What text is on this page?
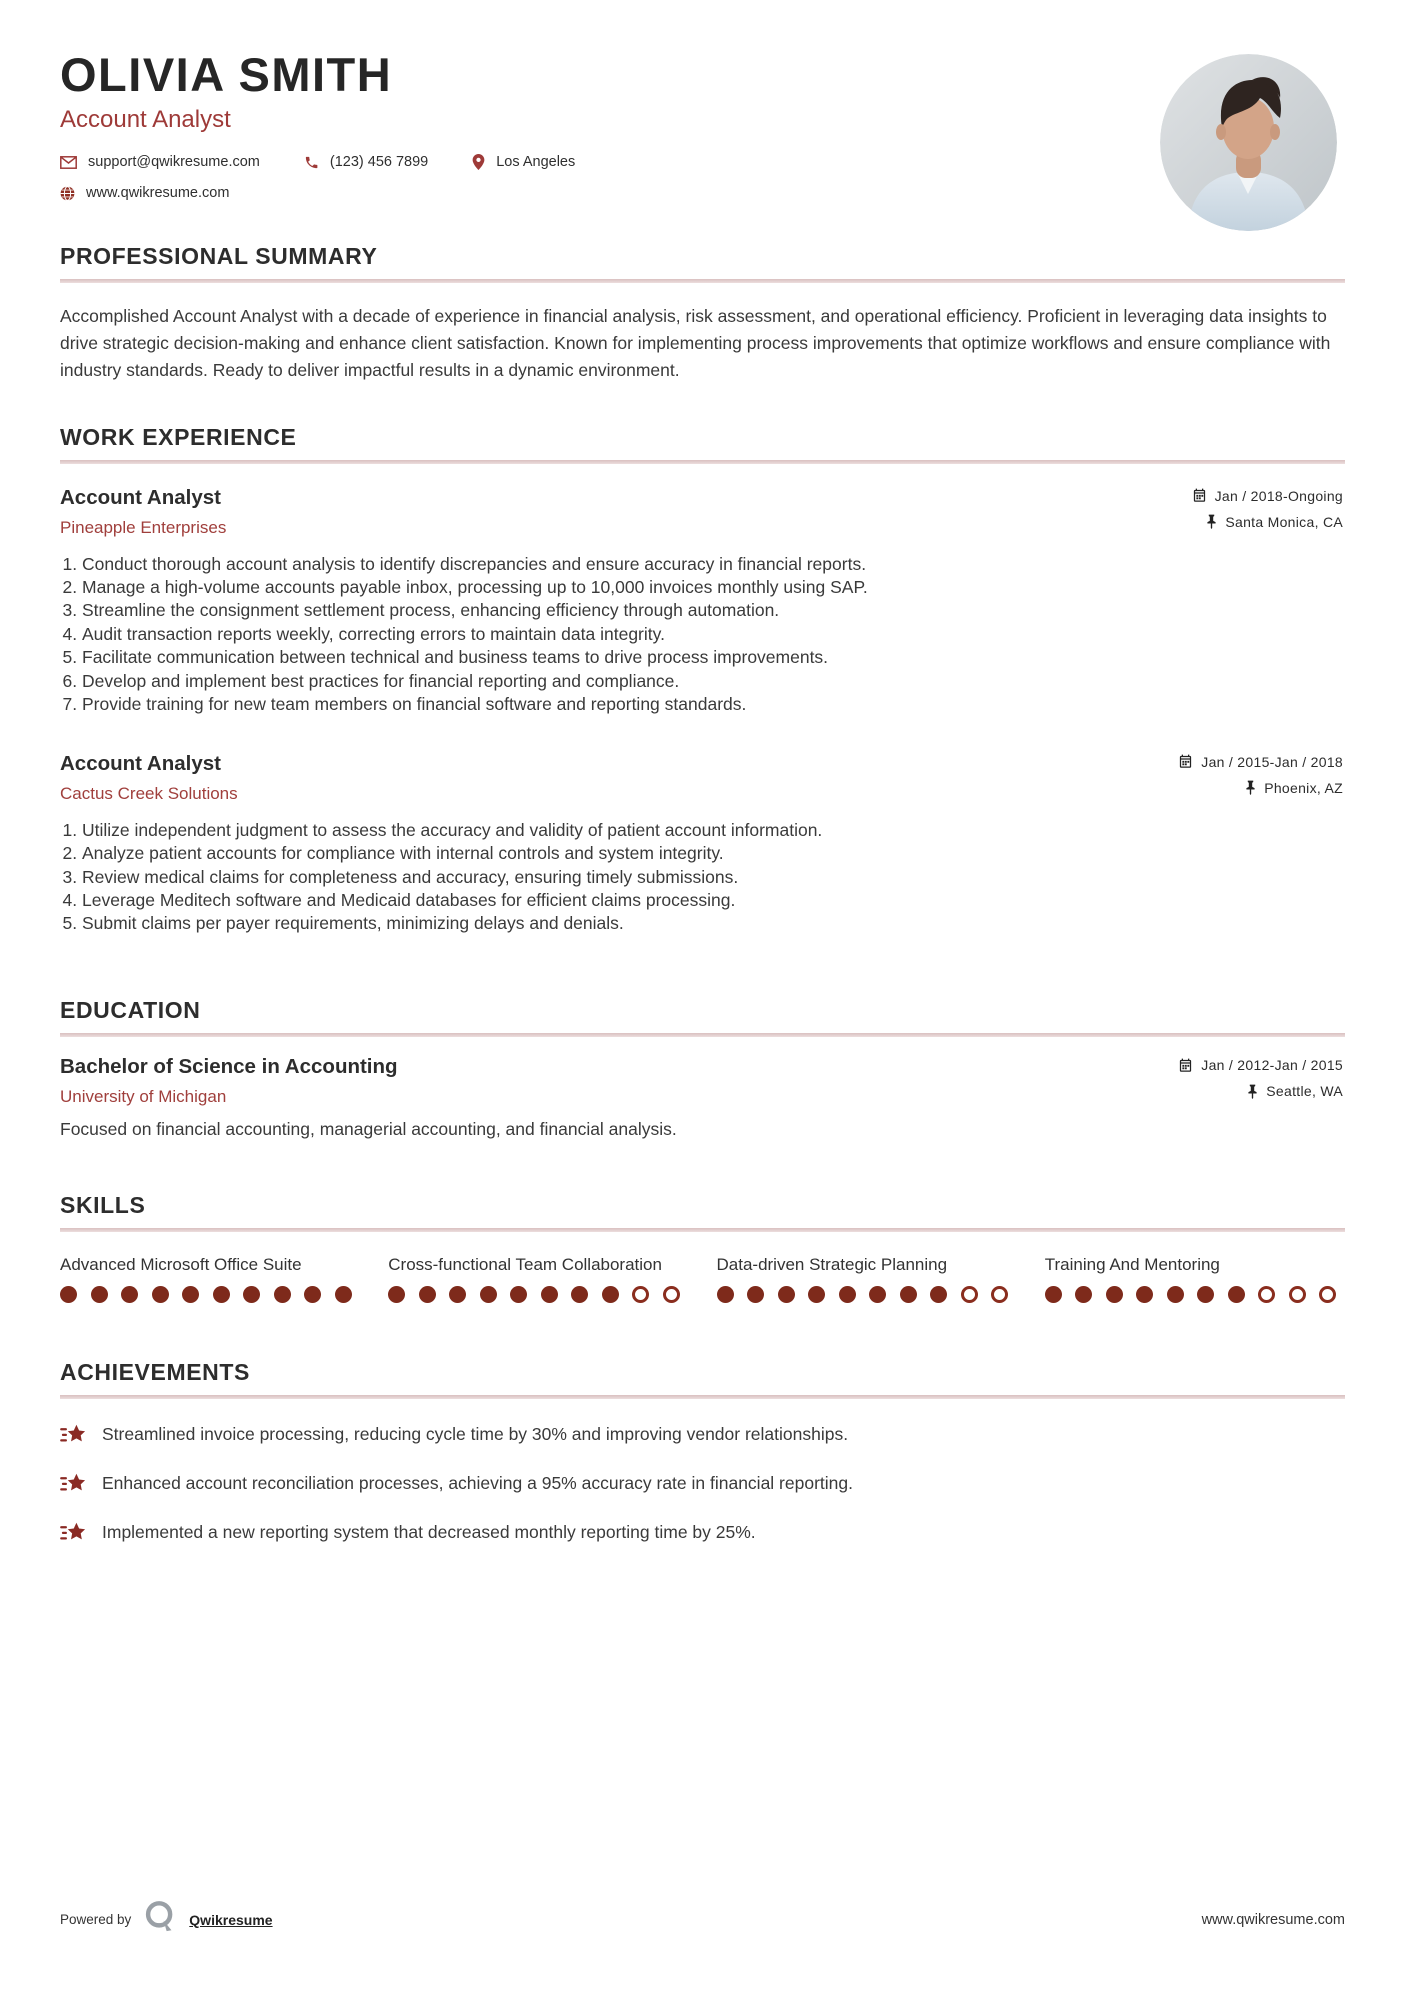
OLIVIA SMITH
Account Analyst
support@qwikresume.com	(123) 456 7899	Los Angeles
www.qwikresume.com
PROFESSIONAL SUMMARY

Accomplished Account Analyst with a decade of experience in financial analysis, risk assessment, and operational efficiency. Proficient in leveraging data insights to drive strategic decision-making and enhance client satisfaction. Known for implementing process improvements that optimize workflows and ensure compliance with industry standards. Ready to deliver impactful results in a dynamic environment.

WORK EXPERIENCE
Account Analyst
Pineapple Enterprises
Jan / 2018-Ongoing
Santa Monica, CA
1. Conduct thorough account analysis to identify discrepancies and ensure accuracy in financial reports.
2. Manage a high-volume accounts payable inbox, processing up to 10,000 invoices monthly using SAP.
3. Streamline the consignment settlement process, enhancing efficiency through automation.
4. Audit transaction reports weekly, correcting errors to maintain data integrity.
5. Facilitate communication between technical and business teams to drive process improvements.
6. Develop and implement best practices for financial reporting and compliance.
7. Provide training for new team members on financial software and reporting standards.
Account Analyst
Cactus Creek Solutions
Jan / 2015-Jan / 2018
Phoenix, AZ
1. Utilize independent judgment to assess the accuracy and validity of patient account information.
2. Analyze patient accounts for compliance with internal controls and system integrity.
3. Review medical claims for completeness and accuracy, ensuring timely submissions.
4. Leverage Meditech software and Medicaid databases for efficient claims processing.
5. Submit claims per payer requirements, minimizing delays and denials.
EDUCATION
Bachelor of Science in Accounting
University of Michigan
Jan / 2012-Jan / 2015
Seattle, WA

Focused on financial accounting, managerial accounting, and financial analysis.

SKILLS
Advanced Microsoft Office Suite	Cross-functional Team Collaboration	Data-driven Strategic Planning	Training And Mentoring
ACHIEVEMENTS
Streamlined invoice processing, reducing cycle time by 30% and improving vendor relationships.
Enhanced account reconciliation processes, achieving a 95% accuracy rate in financial reporting.
Implemented a new reporting system that decreased monthly reporting time by 25%.
Powered by	Qwikresume	www.qwikresume.com
